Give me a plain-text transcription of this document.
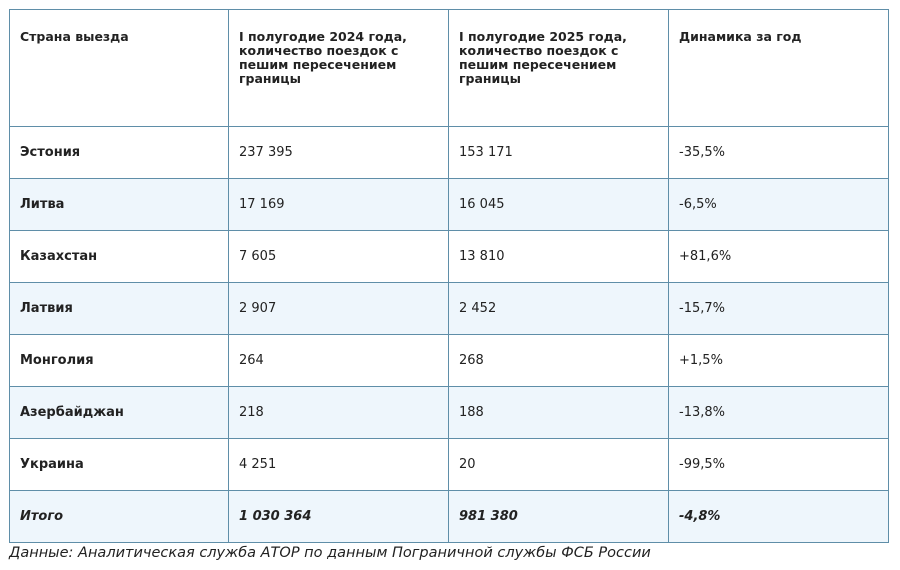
Страна выезда	I полугодие 2024 года, количество поездок с пешим пересечением границы	I полугодие 2025 года, количество поездок с пешим пересечением границы	Динамика за год
Эстония	237 395	153 171	-35,5%
Литва	17 169	16 045	-6,5%
Казахстан	7 605	13 810	+81,6%
Латвия	2 907	2 452	-15,7%
Монголия	264	268	+1,5%
Азербайджан	218	188	-13,8%
Украина	4 251	20	-99,5%
Итого	1 030 364	981 380	-4,8%
Данные: Аналитическая служба АТОР по данным Пограничной службы ФСБ России
